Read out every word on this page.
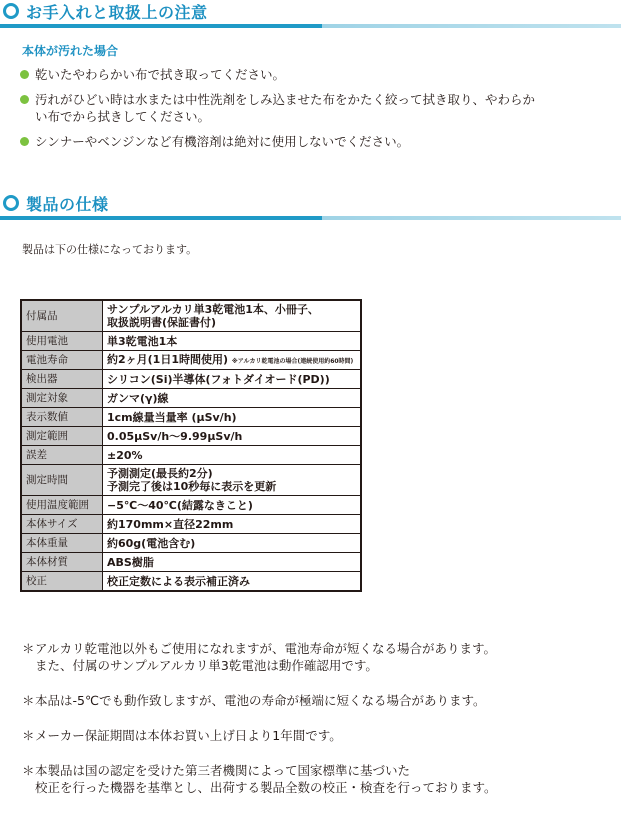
お手入れと取扱上の注意
本体が汚れた場合
乾いたやわらかい布で拭き取ってください。
汚れがひどい時は水または中性洗剤をしみ込ませた布をかたく絞って拭き取り、やわらか
い布でから拭きしてください。
シンナーやベンジンなど有機溶剤は絶対に使用しないでください。
製品の仕様
製品は下の仕様になっております。
付属品	サンプルアルカリ単3乾電池1本、小冊子、
取扱説明書(保証書付)

使用電池	単3乾電池1本

電池寿命	約2ヶ月(1日1時間使用) ※アルカリ乾電池の場合(連続使用約60時間)
検出器	シリコン(Si)半導体(フォトダイオード(PD))

測定対象	ガンマ(γ)線

表示数値	1cm線量当量率 (μSv/h)

測定範囲	0.05μSv/h〜9.99μSv/h

誤差	±20%

測定時間	予測測定(最長約2分)
予測完了後は10秒毎に表示を更新

使用温度範囲	−5℃〜40℃(結露なきこと)

本体サイズ	約170mm×直径22mm

本体重量	約60g(電池含む)

本体材質	ABS樹脂

校正	校正定数による表示補正済み
＊ アルカリ乾電池以外もご使用になれますが、電池寿命が短くなる場合があります。
また、付属のサンプルアルカリ単3乾電池は動作確認用です。
＊ 本品は-5℃でも動作致しますが、電池の寿命が極端に短くなる場合があります。
＊ メーカー保証期間は本体お買い上げ日より1年間です。
＊ 本製品は国の認定を受けた第三者機関によって国家標準に基づいた
校正を行った機器を基準とし、出荷する製品全数の校正・検査を行っております。
